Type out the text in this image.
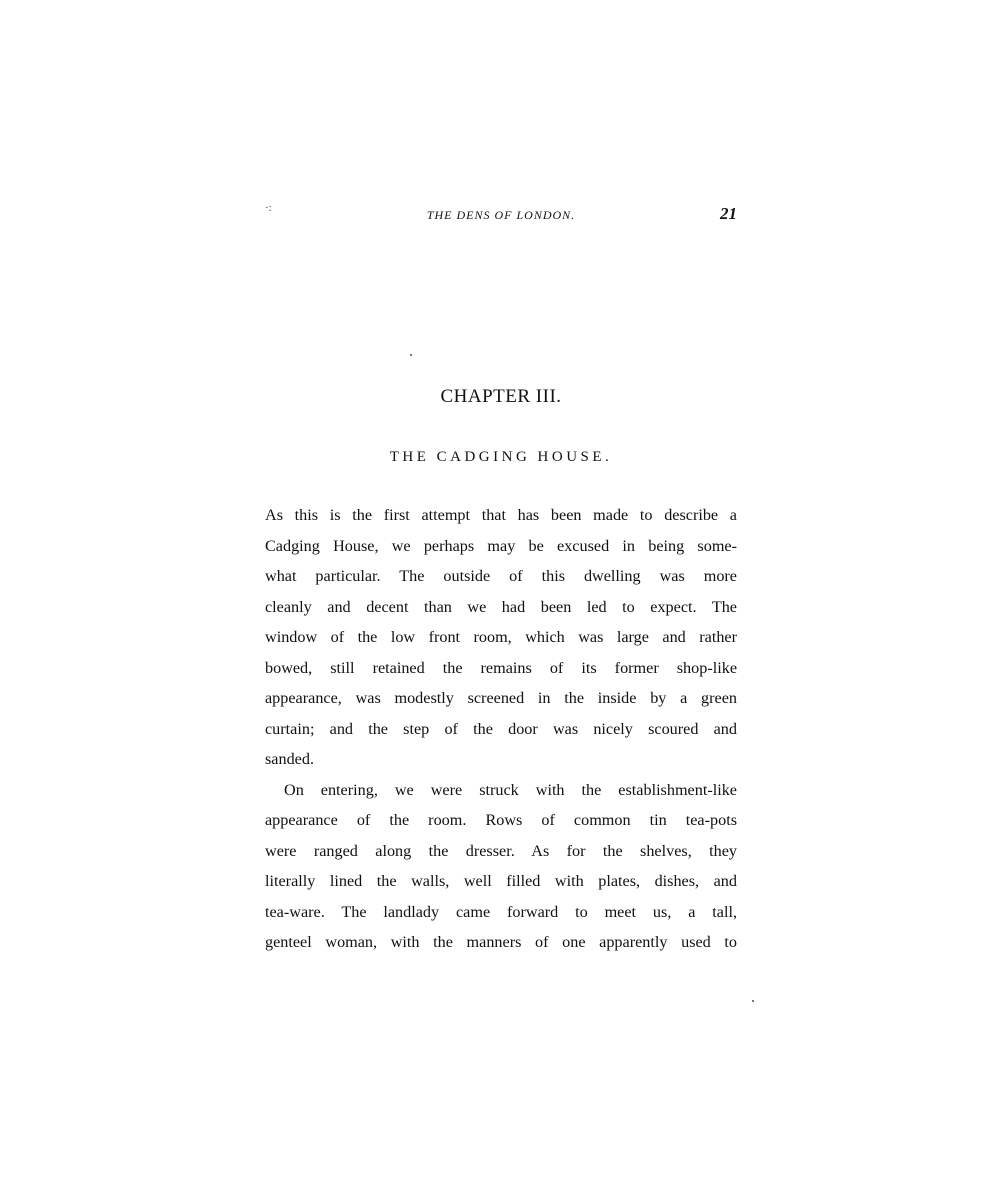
·:	THE DENS OF LONDON.	21
CHAPTER III.
THE CADGING HOUSE.
As this is the first attempt that has been made to describe a
Cadging House, we perhaps may be excused in being some-
what particular. The outside of this dwelling was more
cleanly and decent than we had been led to expect. The
window of the low front room, which was large and rather
bowed, still retained the remains of its former shop-like
appearance, was modestly screened in the inside by a green
curtain; and the step of the door was nicely scoured and
sanded.
On entering, we were struck with the establishment-like
appearance of the room. Rows of common tin tea-pots
were ranged along the dresser. As for the shelves, they
literally lined the walls, well filled with plates, dishes, and
tea-ware. The landlady came forward to meet us, a tall,
genteel woman, with the manners of one apparently used to
